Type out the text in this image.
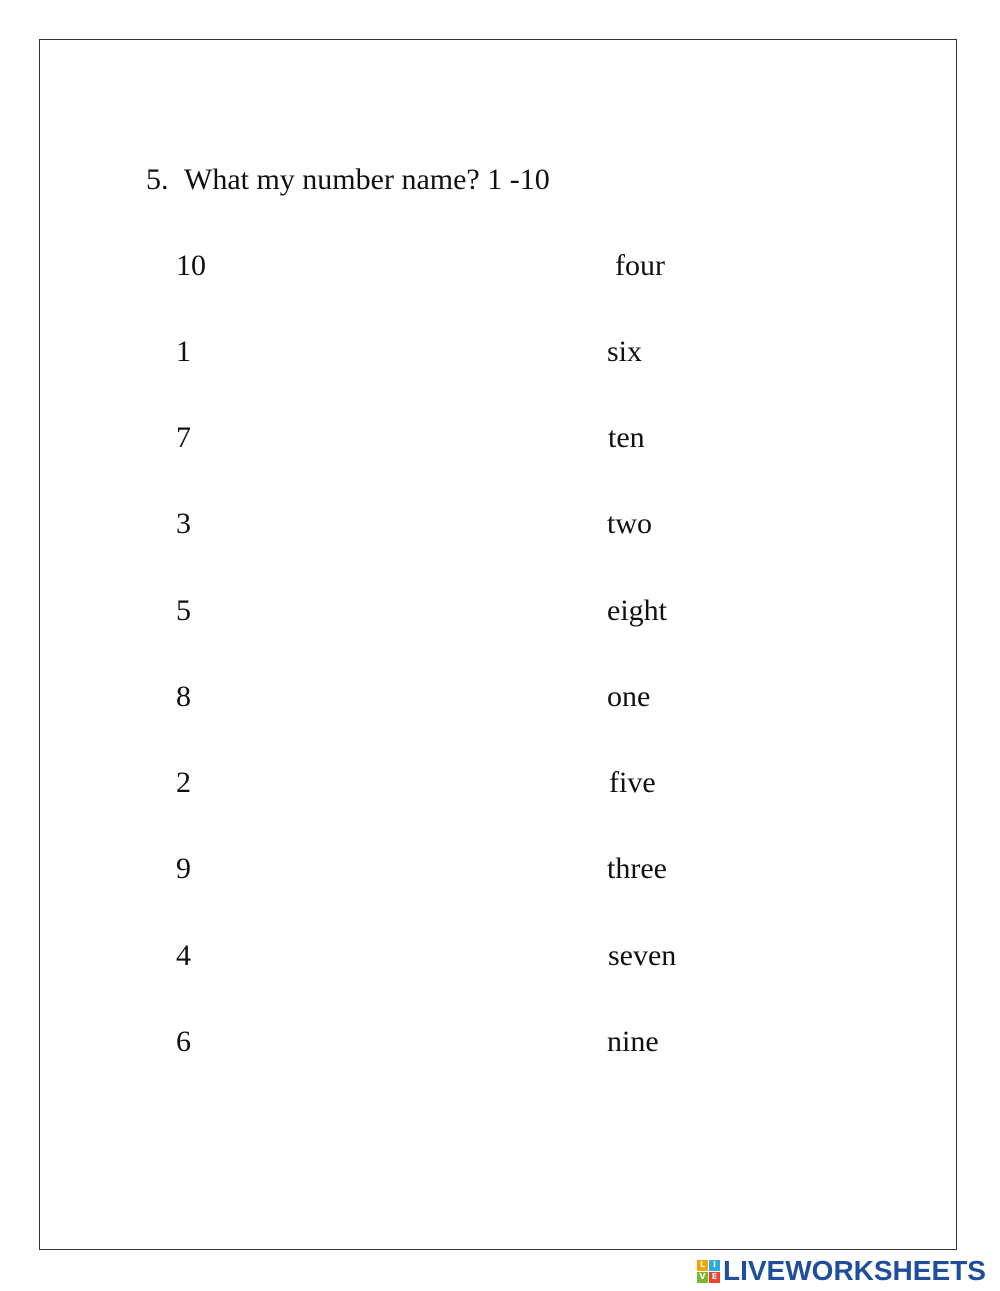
5. What my number name? 1 -10
10
1
7
3
5
8
2
9
4
6
four
six
ten
two
eight
one
five
three
seven
nine
L I
V E LIVEWORKSHEETS
